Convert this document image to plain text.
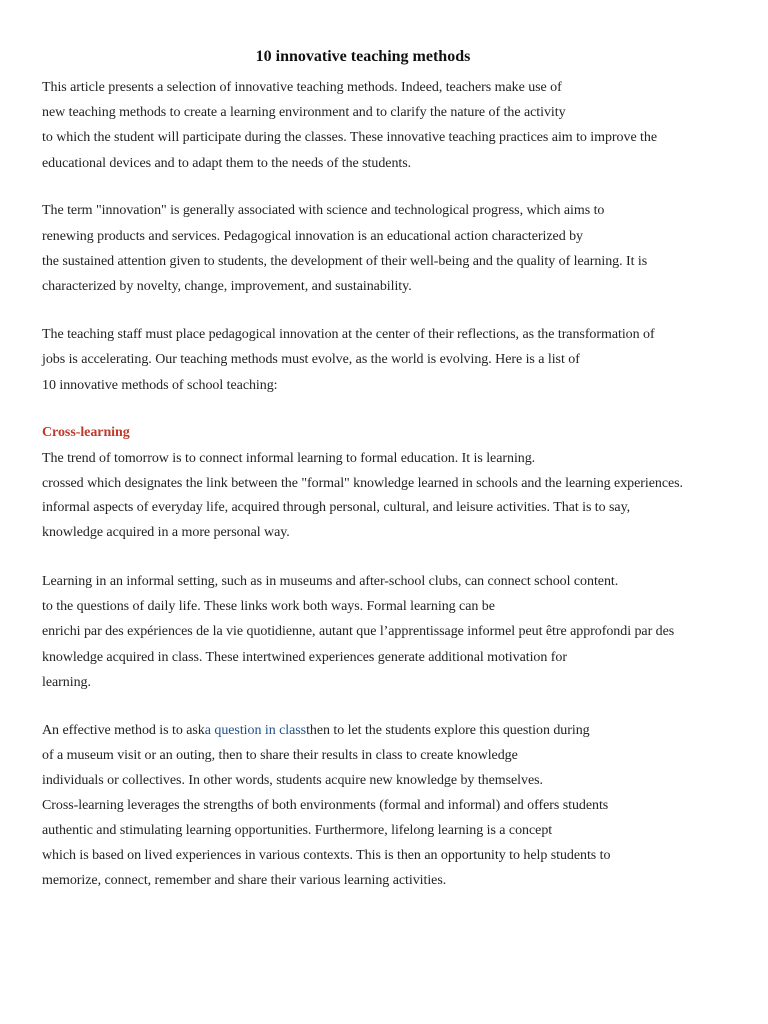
10 innovative teaching methods
This article presents a selection of innovative teaching methods. Indeed, teachers make use of
new teaching methods to create a learning environment and to clarify the nature of the activity
to which the student will participate during the classes. These innovative teaching practices aim to improve the
educational devices and to adapt them to the needs of the students.
The term "innovation" is generally associated with science and technological progress, which aims to
renewing products and services. Pedagogical innovation is an educational action characterized by
the sustained attention given to students, the development of their well-being and the quality of learning. It is
characterized by novelty, change, improvement, and sustainability.
The teaching staff must place pedagogical innovation at the center of their reflections, as the transformation of
jobs is accelerating. Our teaching methods must evolve, as the world is evolving. Here is a list of
10 innovative methods of school teaching:
Cross-learning
The trend of tomorrow is to connect informal learning to formal education. It is learning.
crossed which designates the link between the "formal" knowledge learned in schools and the learning experiences.
informal aspects of everyday life, acquired through personal, cultural, and leisure activities. That is to say,
knowledge acquired in a more personal way.
Learning in an informal setting, such as in museums and after-school clubs, can connect school content.
to the questions of daily life. These links work both ways. Formal learning can be
enrichi par des expériences de la vie quotidienne, autant que l’apprentissage informel peut être approfondi par des
knowledge acquired in class. These intertwined experiences generate additional motivation for
learning.
An effective method is to aska question in classthen to let the students explore this question during
of a museum visit or an outing, then to share their results in class to create knowledge
individuals or collectives. In other words, students acquire new knowledge by themselves.
Cross-learning leverages the strengths of both environments (formal and informal) and offers students
authentic and stimulating learning opportunities. Furthermore, lifelong learning is a concept
which is based on lived experiences in various contexts. This is then an opportunity to help students to
memorize, connect, remember and share their various learning activities.
